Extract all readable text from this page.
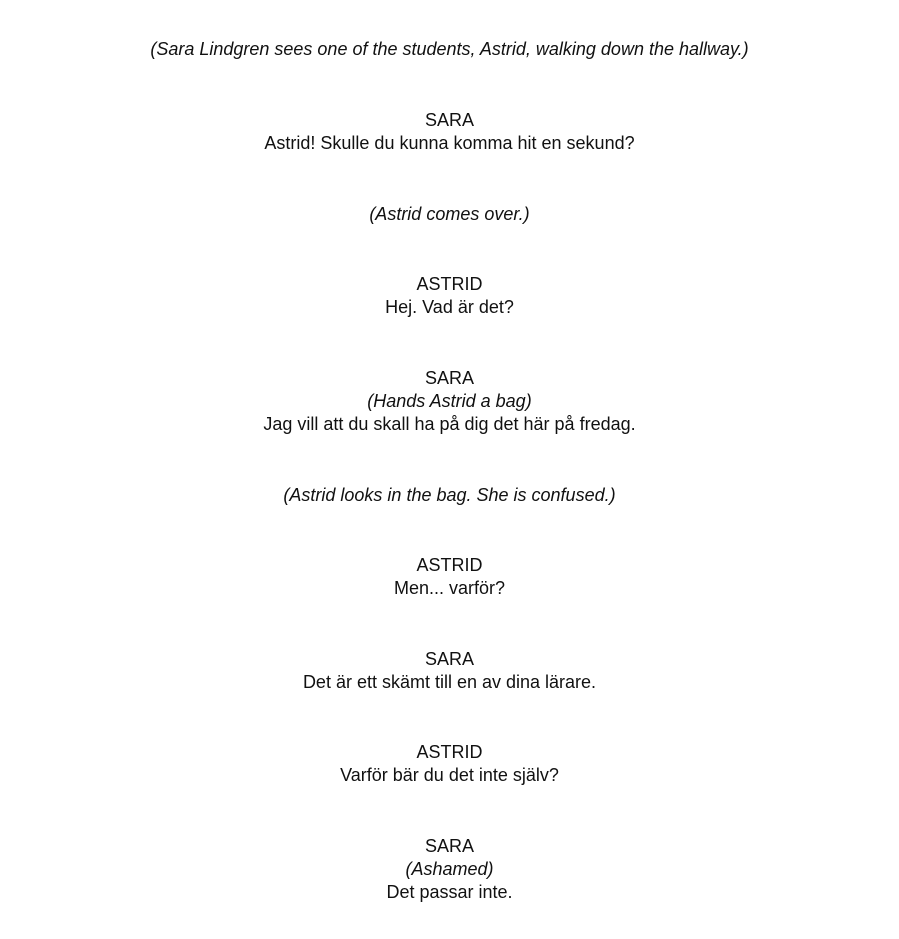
(Sara Lindgren sees one of the students, Astrid, walking down the hallway.)
SARA
Astrid! Skulle du kunna komma hit en sekund?
(Astrid comes over.)
ASTRID
Hej. Vad är det?
SARA
(Hands Astrid a bag)
Jag vill att du skall ha på dig det här på fredag.
(Astrid looks in the bag. She is confused.)
ASTRID
Men... varför?
SARA
Det är ett skämt till en av dina lärare.
ASTRID
Varför bär du det inte själv?
SARA
(Ashamed)
Det passar inte.
